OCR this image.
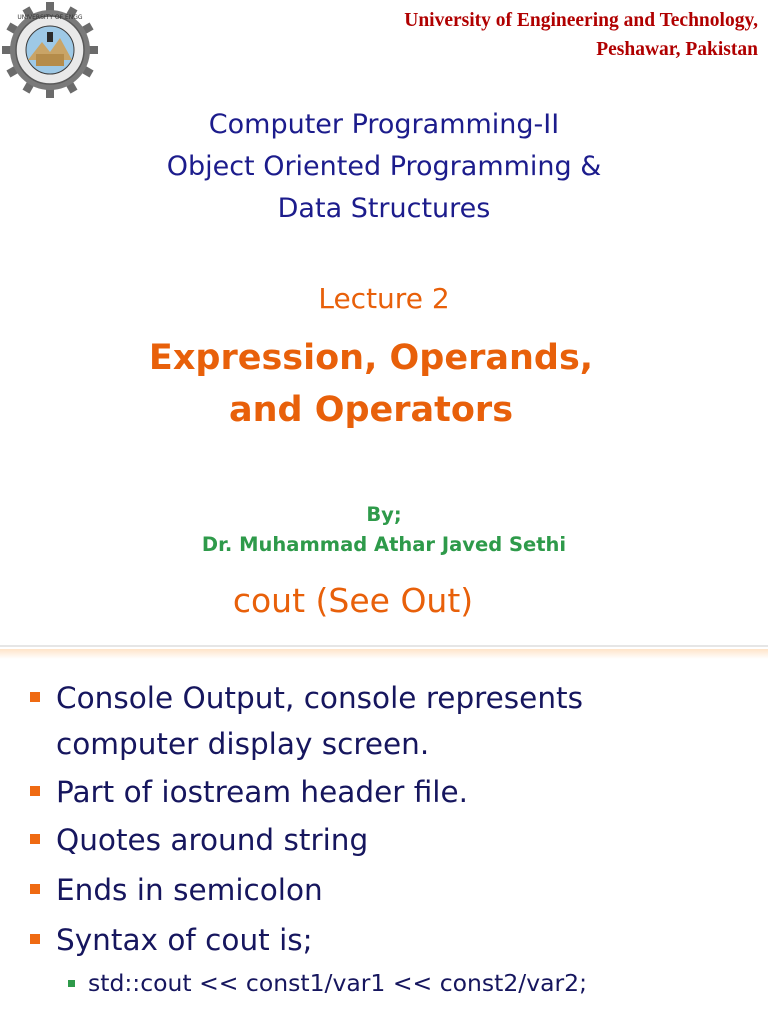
UNIVERSITY OF ENGG	University of Engineering and Technology,
Peshawar, Pakistan
Computer Programming-II
Object Oriented Programming &
Data Structures
Lecture 2
Expression, Operands,
and Operators
By;
Dr. Muhammad Athar Javed Sethi
cout (See Out)
Console Output, console represents
computer display screen.
Part of iostream header file.
Quotes around string
Ends in semicolon
Syntax of cout is;
std::cout << const1/var1 << const2/var2;
